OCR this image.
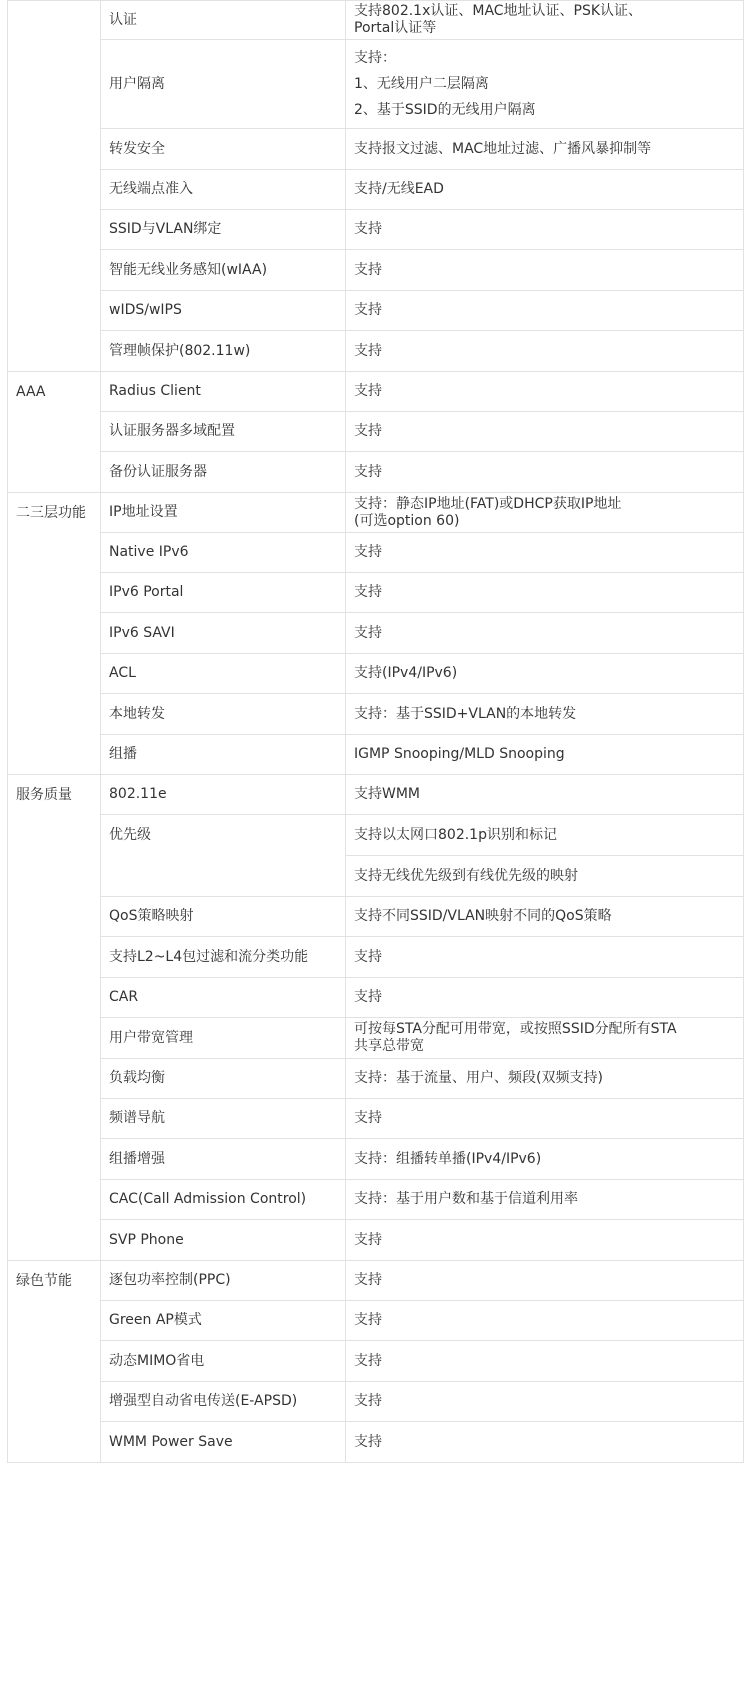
	认证	支持802.1x认证、MAC地址认证、PSK认证、
Portal认证等

	用户隔离	支持：
1、无线用户二层隔离
2、基于SSID的无线用户隔离

	转发安全	支持报文过滤、MAC地址过滤、广播风暴抑制等

	无线端点准入	支持/无线EAD

	SSID与VLAN绑定	支持

	智能无线业务感知(wIAA)	支持

	wIDS/wIPS	支持

	管理帧保护(802.11w)	支持

AAA	Radius Client	支持

	认证服务器多域配置	支持

	备份认证服务器	支持

二三层功能	IP地址设置	支持：静态IP地址(FAT)或DHCP获取IP地址
(可选option 60)

	Native IPv6	支持

	IPv6 Portal	支持

	IPv6 SAVI	支持

	ACL	支持(IPv4/IPv6)

	本地转发	支持：基于SSID+VLAN的本地转发

	组播	IGMP Snooping/MLD Snooping

服务质量	802.11e	支持WMM

	优先级	支持以太网口802.1p识别和标记

		支持无线优先级到有线优先级的映射

	QoS策略映射	支持不同SSID/VLAN映射不同的QoS策略

	支持L2~L4包过滤和流分类功能	支持

	CAR	支持

	用户带宽管理	可按每STA分配可用带宽，或按照SSID分配所有STA
共享总带宽

	负载均衡	支持：基于流量、用户、频段(双频支持)

	频谱导航	支持

	组播增强	支持：组播转单播(IPv4/IPv6)

	CAC(Call Admission Control)	支持：基于用户数和基于信道利用率

	SVP Phone	支持

绿色节能	逐包功率控制(PPC)	支持

	Green AP模式	支持

	动态MIMO省电	支持

	增强型自动省电传送(E-APSD)	支持

	WMM Power Save	支持
